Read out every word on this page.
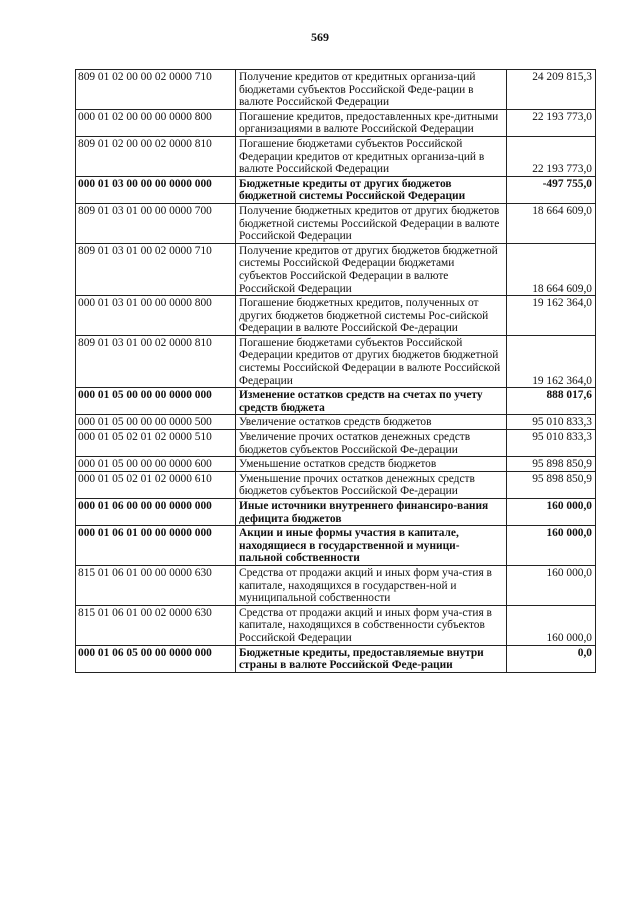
569
809 01 02 00 00 02 0000 710	Получение кредитов от кредитных организа-ций бюджетами субъектов Российской Феде-рации в валюте Российской Федерации	24 209 815,3
000 01 02 00 00 00 0000 800	Погашение кредитов, предоставленных кре-дитными организациями в валюте Российской Федерации	22 193 773,0
809 01 02 00 00 02 0000 810	Погашение бюджетами субъектов Российской Федерации кредитов от кредитных организа-ций в валюте Российской Федерации	22 193 773,0
000 01 03 00 00 00 0000 000	Бюджетные кредиты от других бюджетов бюджетной системы Российской Федерации	-497 755,0
809 01 03 01 00 00 0000 700	Получение бюджетных кредитов от других бюджетов бюджетной системы Российской Федерации в валюте Российской Федерации	18 664 609,0
809 01 03 01 00 02 0000 710	Получение кредитов от других бюджетов бюджетной системы Российской Федерации бюджетами субъектов Российской Федерации в валюте Российской Федерации	18 664 609,0
000 01 03 01 00 00 0000 800	Погашение бюджетных кредитов, полученных от других бюджетов бюджетной системы Рос-сийской Федерации в валюте Российской Фе-дерации	19 162 364,0
809 01 03 01 00 02 0000 810	Погашение бюджетами субъектов Российской Федерации кредитов от других бюджетов бюджетной системы Российской Федерации в валюте Российской Федерации	19 162 364,0
000 01 05 00 00 00 0000 000	Изменение остатков средств на счетах по учету средств бюджета	888 017,6
000 01 05 00 00 00 0000 500	Увеличение остатков средств бюджетов	95 010 833,3
000 01 05 02 01 02 0000 510	Увеличение прочих остатков денежных средств бюджетов субъектов Российской Фе-дерации	95 010 833,3
000 01 05 00 00 00 0000 600	Уменьшение остатков средств бюджетов	95 898 850,9
000 01 05 02 01 02 0000 610	Уменьшение прочих остатков денежных средств бюджетов субъектов Российской Фе-дерации	95 898 850,9
000 01 06 00 00 00 0000 000	Иные источники внутреннего финансиро-вания дефицита бюджетов	160 000,0
000 01 06 01 00 00 0000 000	Акции и иные формы участия в капитале, находящиеся в государственной и муници-пальной собственности	160 000,0
815 01 06 01 00 00 0000 630	Средства от продажи акций и иных форм уча-стия в капитале, находящихся в государствен-ной и муниципальной собственности	160 000,0
815 01 06 01 00 02 0000 630	Средства от продажи акций и иных форм уча-стия в капитале, находящихся в собственности субъектов Российской Федерации	160 000,0
000 01 06 05 00 00 0000 000	Бюджетные кредиты, предоставляемые внутри страны в валюте Российской Феде-рации	0,0
